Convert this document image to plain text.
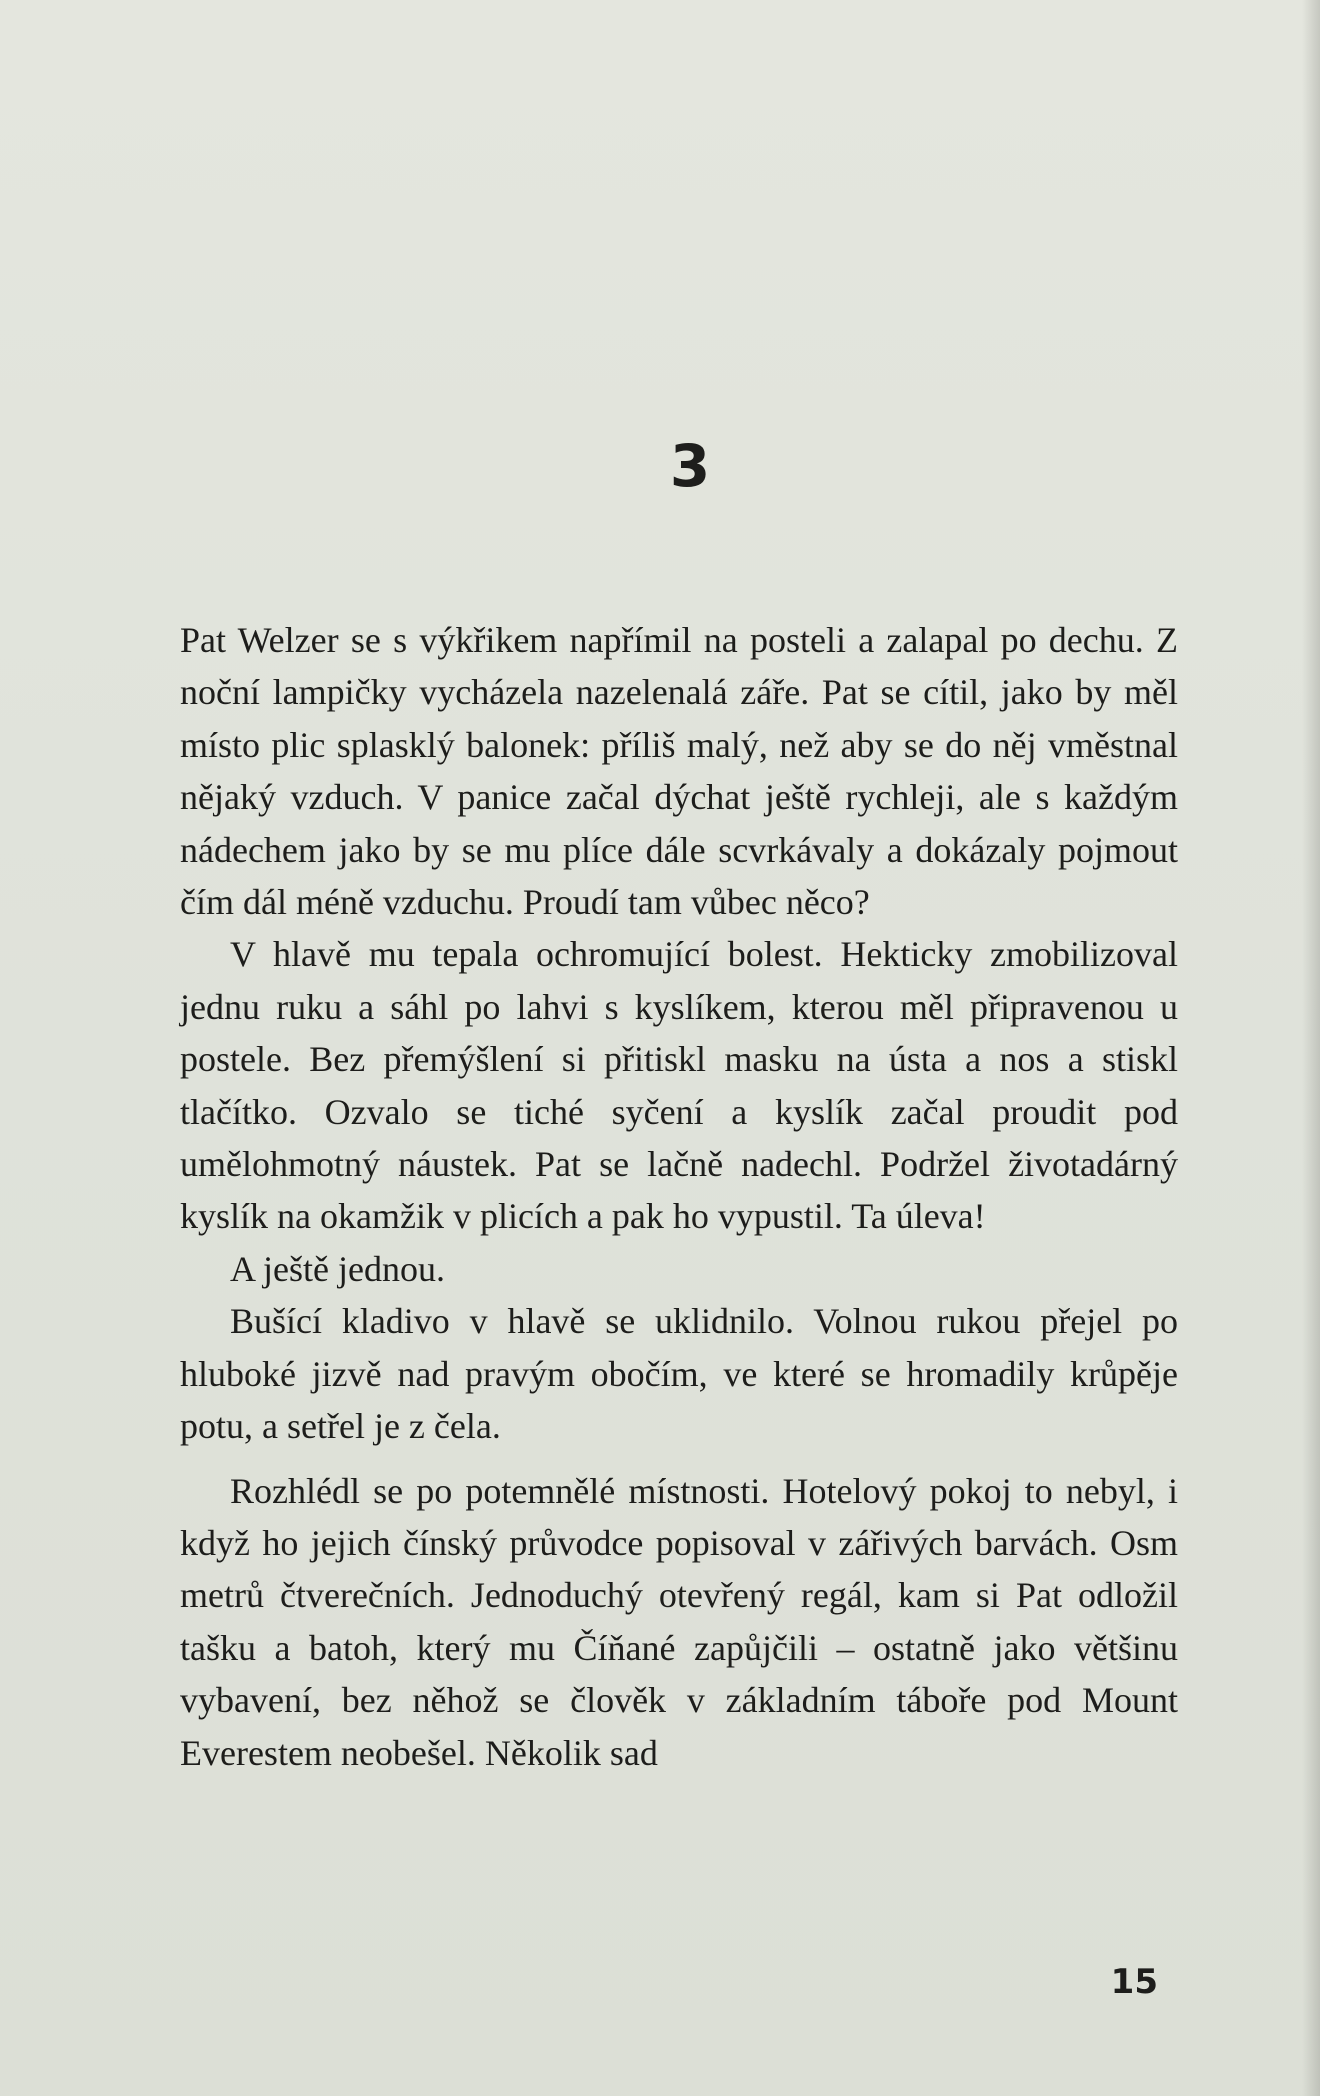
3

Pat Welzer se s výkřikem napřímil na posteli a zalapal po dechu. Z noční lampičky vycházela nazelenalá záře. Pat se cítil, jako by měl místo plic splasklý balonek: příliš malý, než aby se do něj vměstnal nějaký vzduch. V panice začal dýchat ještě rychleji, ale s každým nádechem jako by se mu plíce dále scvrkávaly a dokázaly pojmout čím dál méně vzduchu. Proudí tam vůbec něco?

V hlavě mu tepala ochromující bolest. Hekticky zmobilizoval jednu ruku a sáhl po lahvi s kyslíkem, kterou měl připravenou u postele. Bez přemýšlení si přitiskl masku na ústa a nos a stiskl tlačítko. Ozvalo se tiché syčení a kyslík začal proudit pod umělohmotný náustek. Pat se lačně nadechl. Podržel životadárný kyslík na okamžik v plicích a pak ho vypustil. Ta úleva!

A ještě jednou.

Bušící kladivo v hlavě se uklidnilo. Volnou rukou přejel po hluboké jizvě nad pravým obočím, ve které se hromadily krůpěje potu, a setřel je z čela.

Rozhlédl se po potemnělé místnosti. Hotelový pokoj to nebyl, i když ho jejich čínský průvodce popisoval v zářivých barvách. Osm metrů čtverečních. Jednoduchý otevřený regál, kam si Pat odložil tašku a batoh, který mu Číňané zapůjčili – ostatně jako většinu vybavení, bez něhož se člověk v základním táboře pod Mount Everestem neobešel. Několik sad

15
